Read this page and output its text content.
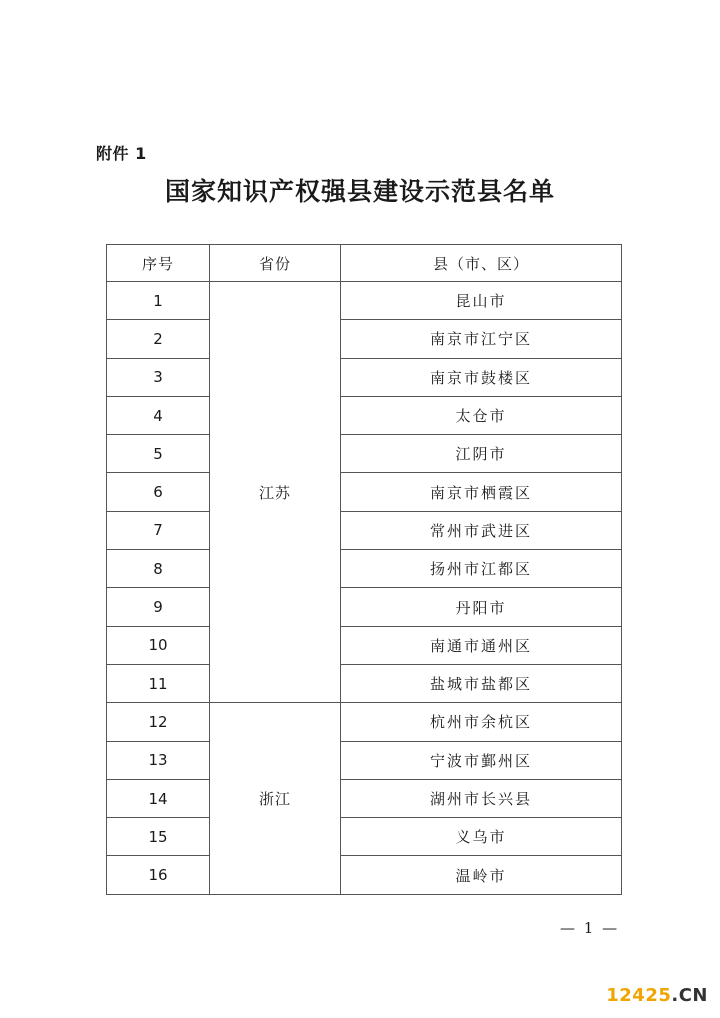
附件 1
国家知识产权强县建设示范县名单
序号	省份	县（市、区）
1	江苏	昆山市
2		南京市江宁区
3		南京市鼓楼区
4		太仓市
5		江阴市
6		南京市栖霞区
7		常州市武进区
8		扬州市江都区
9		丹阳市
10		南通市通州区
11		盐城市盐都区
12	浙江	杭州市余杭区
13		宁波市鄞州区
14		湖州市长兴县
15		义乌市
16		温岭市
— 1 —
12425.CN
